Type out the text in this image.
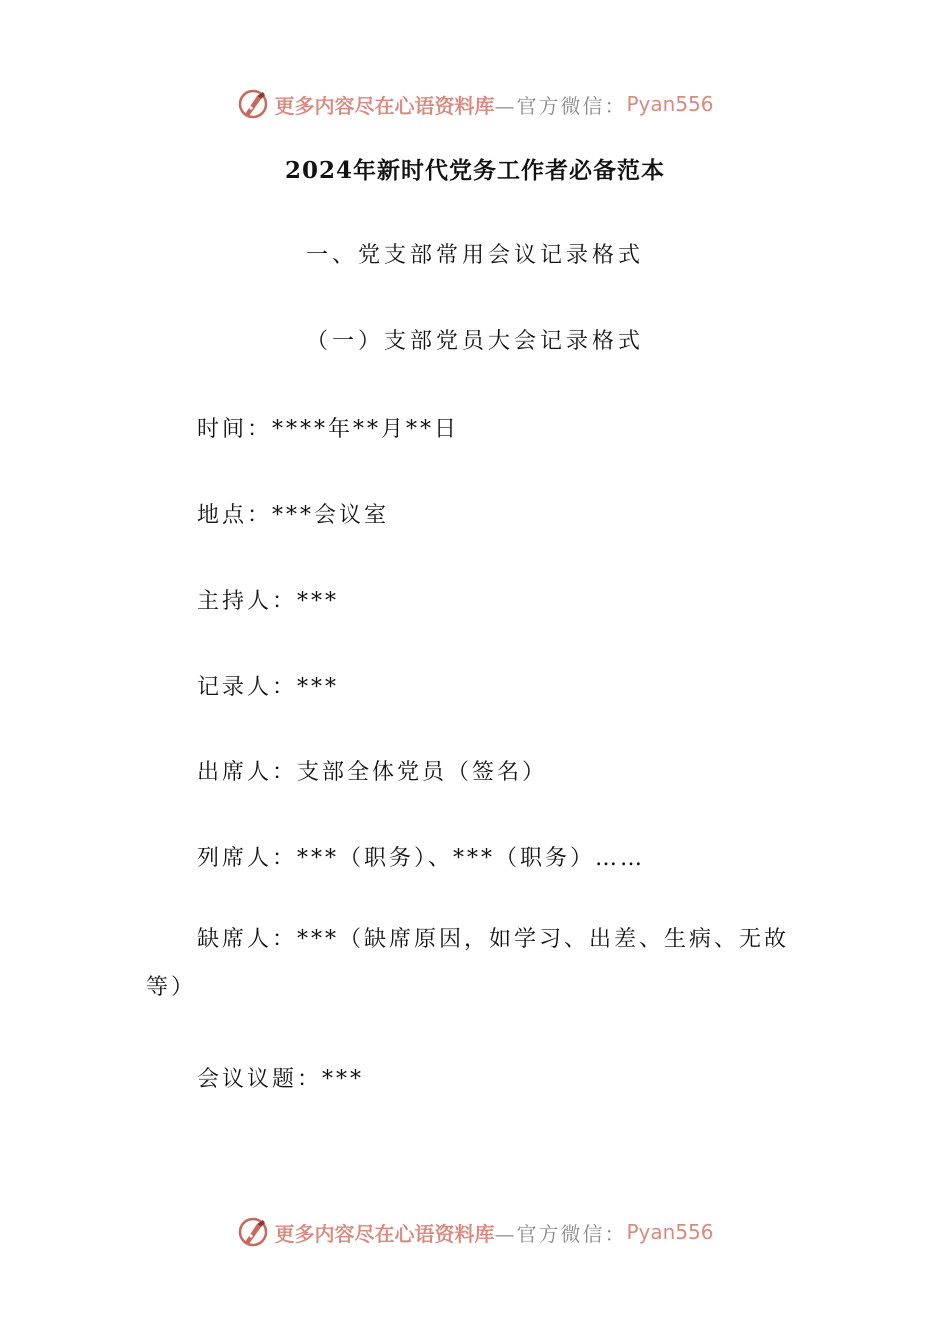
更多内容尽在心语资料库 —官方微信： Pyan556
2024年新时代党务工作者必备范本
一、党支部常用会议记录格式
（一）支部党员大会记录格式
时间：****年**月**日
地点：***会议室
主持人：***
记录人：***
出席人：支部全体党员（签名）
列席人：***（职务）、***（职务）……
缺席人：***（缺席原因，如学习、出差、生病、无故等）
会议议题：***
更多内容尽在心语资料库 —官方微信： Pyan556
